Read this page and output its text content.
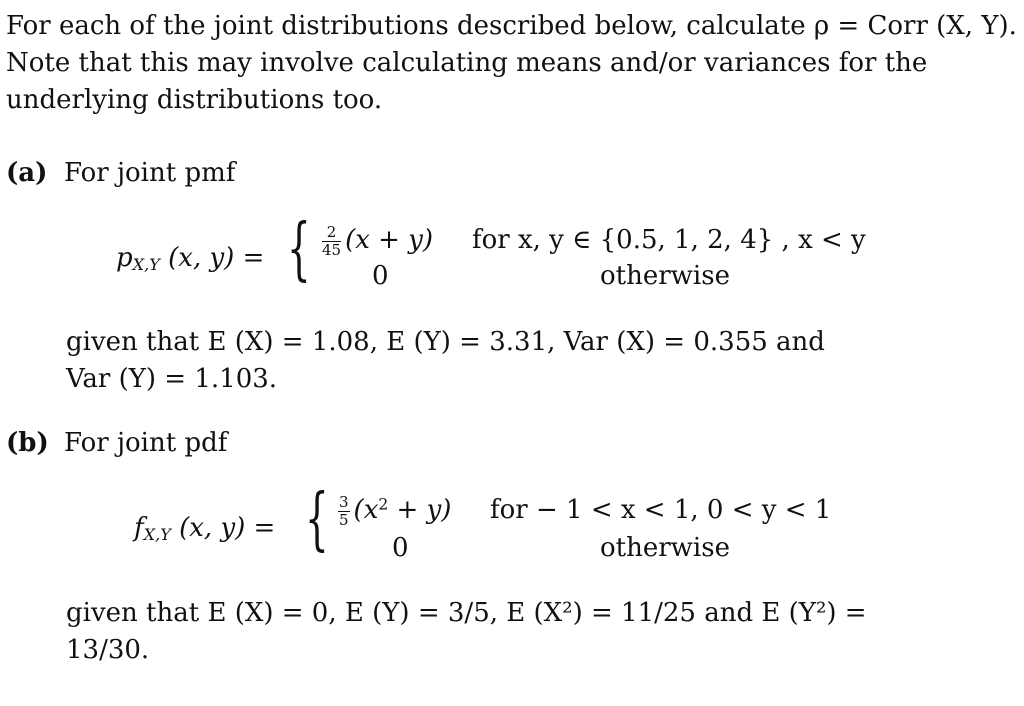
For each of the joint distributions described below, calculate ρ = Corr (X, Y).
Note that this may involve calculating means and/or variances for the
underlying distributions too.
(a) For joint pmf
$p_{X,Y}$ (x, y) = { $\frac{2}{45} (x + y)$ for x, y ∈ {0.5, 1, 2, 4} , x < y
0	otherwise
given that E (X) = 1.08, E (Y) = 3.31, Var (X) = 0.355 and
Var (Y) = 1.103.
(b) For joint pdf
$f_{X,Y}$ (x, y) = { $\frac{3}{5} (x^2 + y)$ for − 1 < x < 1, 0 < y < 1
0	otherwise
given that E (X) = 0, E (Y) = 3/5, E (X²) = 11/25 and E (Y²) =
13/30.
